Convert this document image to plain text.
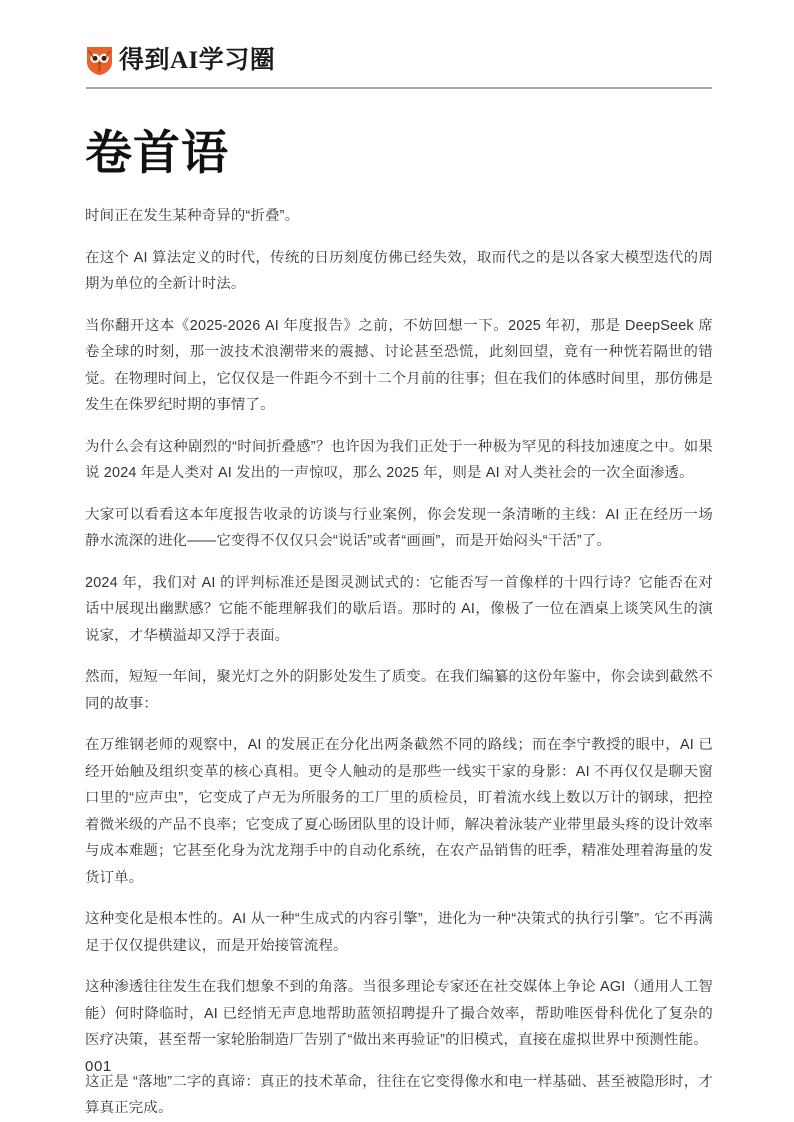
得到AI学习圈
卷首语

时间正在发生某种奇异的“折叠”。

在这个 AI 算法定义的时代，传统的日历刻度仿佛已经失效，取而代之的是以各家大模型迭代的周期为单位的全新计时法。

当你翻开这本《2025-2026 AI 年度报告》之前，不妨回想一下。2025 年初，那是 DeepSeek 席卷全球的时刻，那一波技术浪潮带来的震撼、讨论甚至恐慌，此刻回望，竟有一种恍若隔世的错觉。在物理时间上，它仅仅是一件距今不到十二个月前的往事；但在我们的体感时间里，那仿佛是发生在侏罗纪时期的事情了。

为什么会有这种剧烈的“时间折叠感”？也许因为我们正处于一种极为罕见的科技加速度之中。如果说 2024 年是人类对 AI 发出的一声惊叹，那么 2025 年，则是 AI 对人类社会的一次全面渗透。

大家可以看看这本年度报告收录的访谈与行业案例，你会发现一条清晰的主线：AI 正在经历一场静水流深的进化——它变得不仅仅只会“说话”或者“画画”，而是开始闷头“干活”了。

2024 年，我们对 AI 的评判标准还是图灵测试式的：它能否写一首像样的十四行诗？它能否在对话中展现出幽默感？它能不能理解我们的歇后语。那时的 AI，像极了一位在酒桌上谈笑风生的演说家，才华横溢却又浮于表面。

然而，短短一年间，聚光灯之外的阴影处发生了质变。在我们编纂的这份年鉴中，你会读到截然不同的故事：

在万维钢老师的观察中，AI 的发展正在分化出两条截然不同的路线；而在李宁教授的眼中，AI 已经开始触及组织变革的核心真相。更令人触动的是那些一线实干家的身影：AI 不再仅仅是聊天窗口里的“应声虫”，它变成了卢无为所服务的工厂里的质检员，盯着流水线上数以万计的钢球，把控着微米级的产品不良率；它变成了夏心旸团队里的设计师，解决着泳装产业带里最头疼的设计效率与成本难题；它甚至化身为沈龙翔手中的自动化系统，在农产品销售的旺季，精准处理着海量的发货订单。

这种变化是根本性的。AI 从一种“生成式的内容引擎”，进化为一种“决策式的执行引擎”。它不再满足于仅仅提供建议，而是开始接管流程。

这种渗透往往发生在我们想象不到的角落。当很多理论专家还在社交媒体上争论 AGI（通用人工智能）何时降临时，AI 已经悄无声息地帮助蓝领招聘提升了撮合效率，帮助唯医骨科优化了复杂的医疗决策，甚至帮一家轮胎制造厂告别了“做出来再验证”的旧模式，直接在虚拟世界中预测性能。

这正是 “落地”二字的真谛：真正的技术革命，往往在它变得像水和电一样基础、甚至被隐形时，才算真正完成。

001
